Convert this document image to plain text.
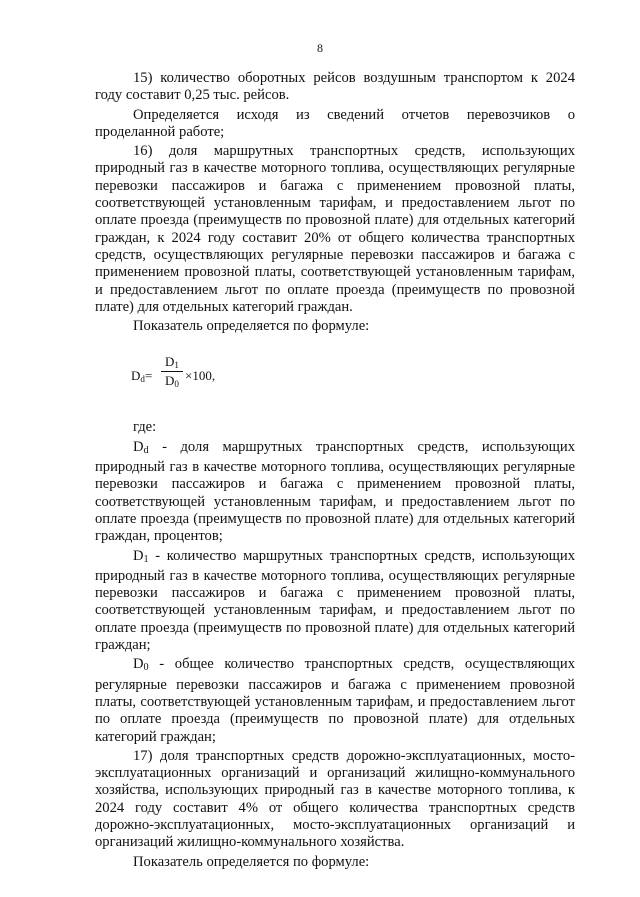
8

15) количество оборотных рейсов воздушным транспортом к 2024 году составит 0,25 тыс. рейсов.

Определяется исходя из сведений отчетов перевозчиков о проделанной работе;

16) доля маршрутных транспортных средств, использующих природный газ в качестве моторного топлива, осуществляющих регулярные перевозки пассажиров и багажа с применением провозной платы, соответствующей установленным тарифам, и предоставлением льгот по оплате проезда (преимуществ по провозной плате) для отдельных категорий граждан, к 2024 году составит 20% от общего количества транспортных средств, осуществляющих регулярные перевозки пассажиров и багажа с применением провозной платы, соответствующей установленным тарифам, и предоставлением льгот по оплате проезда (преимуществ по провозной плате) для отдельных категорий граждан.

Показатель определяется по формуле:

$D_d=$
$D_1$
$D_0$
×100,

где:

$D_d$ - доля маршрутных транспортных средств, использующих природный газ в качестве моторного топлива, осуществляющих регулярные перевозки пассажиров и багажа с применением провозной платы, соответствующей установленным тарифам, и предоставлением льгот по оплате проезда (преимуществ по провозной плате) для отдельных категорий граждан, процентов;

$D_1$ - количество маршрутных транспортных средств, использующих природный газ в качестве моторного топлива, осуществляющих регулярные перевозки пассажиров и багажа с применением провозной платы, соответствующей установленным тарифам, и предоставлением льгот по оплате проезда (преимуществ по провозной плате) для отдельных категорий граждан;

$D_0$ - общее количество транспортных средств, осуществляющих регулярные перевозки пассажиров и багажа с применением провозной платы, соответствующей установленным тарифам, и предоставлением льгот по оплате проезда (преимуществ по провозной плате) для отдельных категорий граждан;

17) доля транспортных средств дорожно-эксплуатационных, мосто-эксплуатационных организаций и организаций жилищно-коммунального хозяйства, использующих природный газ в качестве моторного топлива, к 2024 году составит 4% от общего количества транспортных средств дорожно-эксплуатационных, мосто-эксплуатационных организаций и организаций жилищно-коммунального хозяйства.

Показатель определяется по формуле:
